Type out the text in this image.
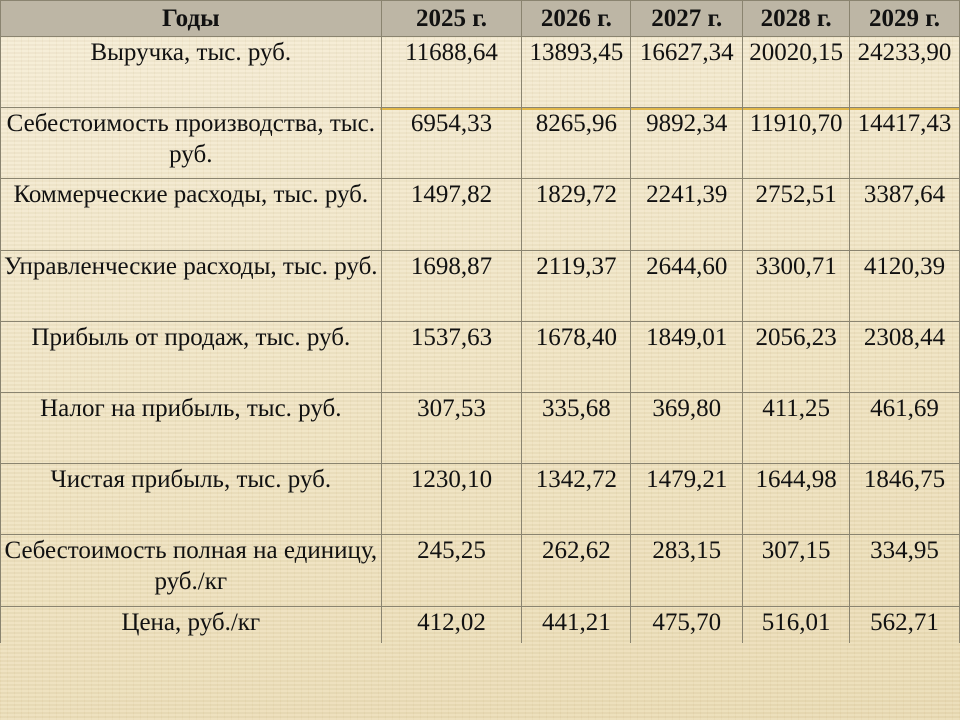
Годы	2025 г.	2026 г.	2027 г.	2028 г.	2029 г.
Выручка, тыс. руб.	11688,64	13893,45	16627,34	20020,15	24233,90
Себестоимость производства, тыс. руб.	6954,33	8265,96	9892,34	11910,70	14417,43
Коммерческие расходы, тыс. руб.	1497,82	1829,72	2241,39	2752,51	3387,64
Управленческие расходы, тыс. руб.	1698,87	2119,37	2644,60	3300,71	4120,39
Прибыль от продаж, тыс. руб.	1537,63	1678,40	1849,01	2056,23	2308,44
Налог на прибыль, тыс. руб.	307,53	335,68	369,80	411,25	461,69
Чистая прибыль, тыс. руб.	1230,10	1342,72	1479,21	1644,98	1846,75
Себестоимость полная на единицу, руб./кг	245,25	262,62	283,15	307,15	334,95
Цена, руб./кг	412,02	441,21	475,70	516,01	562,71
